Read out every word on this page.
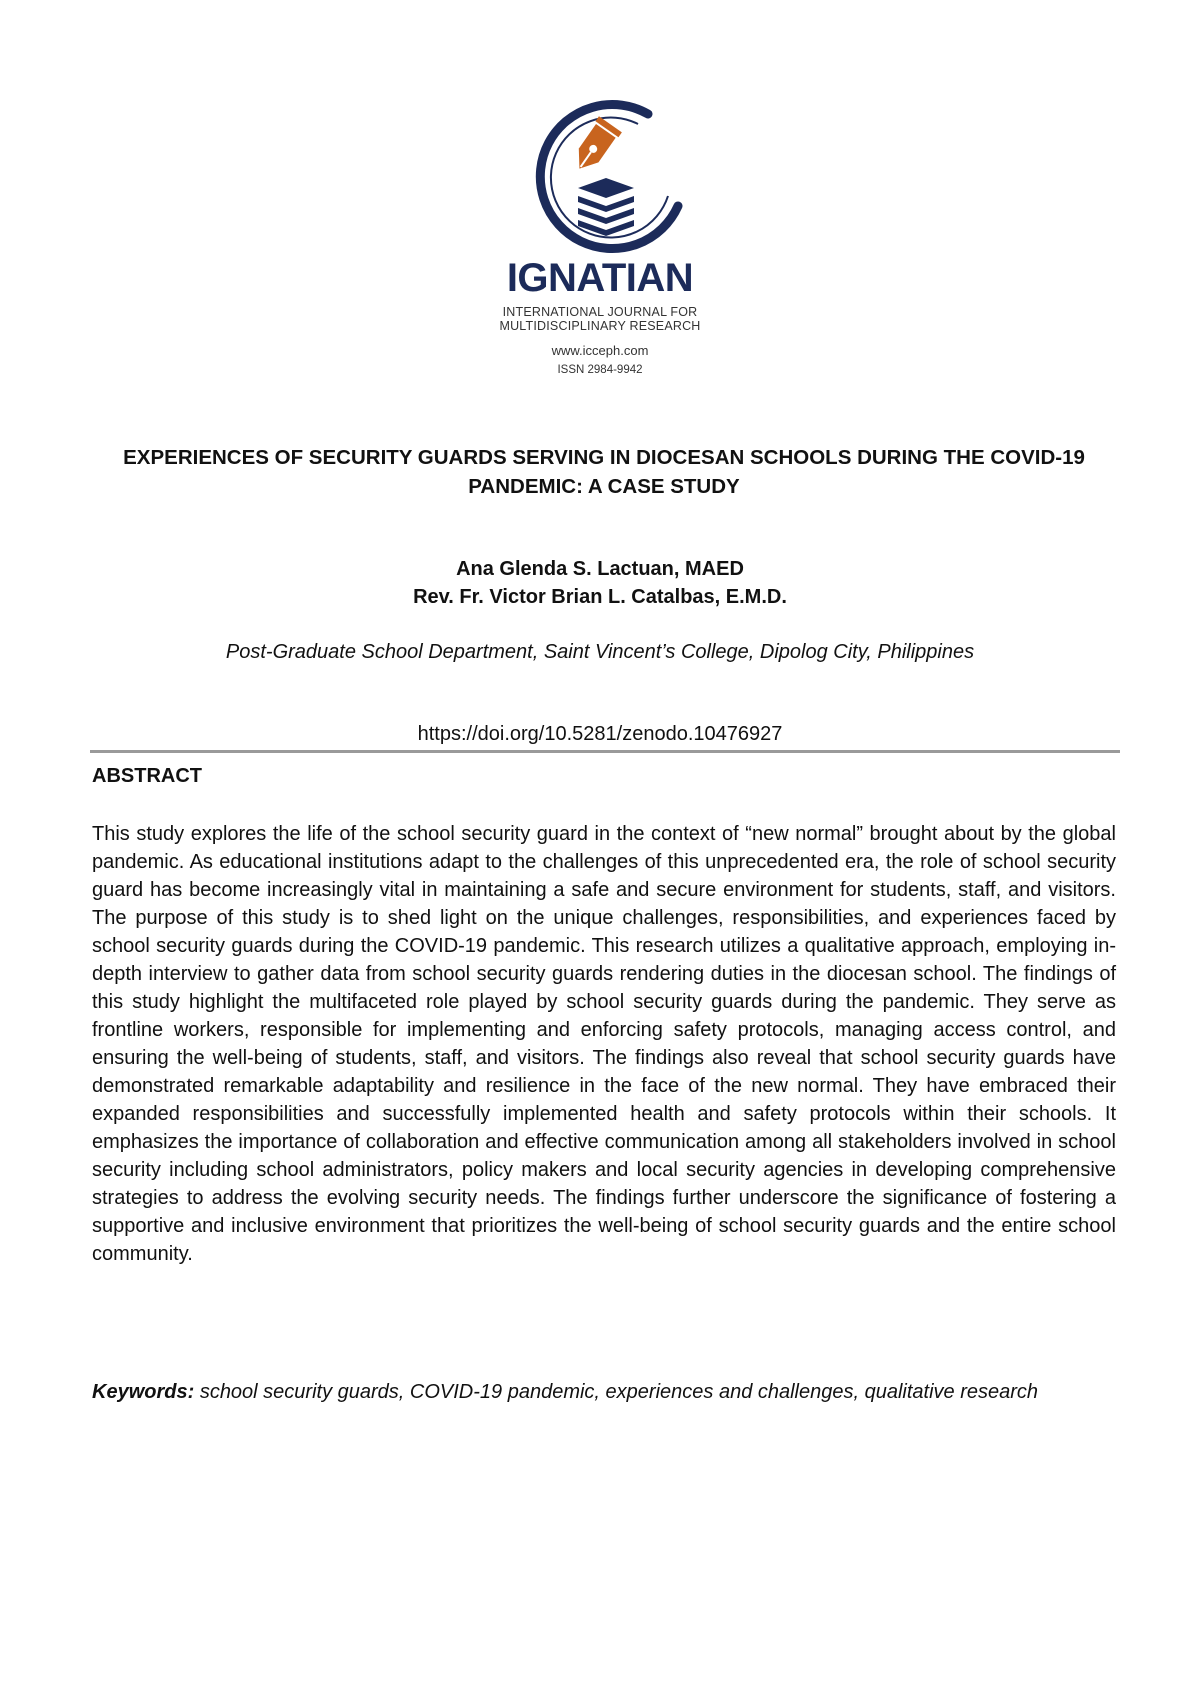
IGNATIAN
INTERNATIONAL JOURNAL FOR
MULTIDISCIPLINARY RESEARCH
www.icceph.com
ISSN 2984-9942
EXPERIENCES OF SECURITY GUARDS SERVING IN DIOCESAN SCHOOLS DURING THE COVID-19 PANDEMIC: A CASE STUDY
Ana Glenda S. Lactuan, MAED
Rev. Fr. Victor Brian L. Catalbas, E.M.D.
Post-Graduate School Department, Saint Vincent’s College, Dipolog City, Philippines
https://doi.org/10.5281/zenodo.10476927
ABSTRACT

This study explores the life of the school security guard in the context of “new normal” brought about by the global pandemic. As educational institutions adapt to the challenges of this unprecedented era, the role of school security guard has become increasingly vital in maintaining a safe and secure environment for students, staff, and visitors. The purpose of this study is to shed light on the unique challenges, responsibilities, and experiences faced by school security guards during the COVID-19 pandemic. This research utilizes a qualitative approach, employing in-depth interview to gather data from school security guards rendering duties in the diocesan school. The findings of this study highlight the multifaceted role played by school security guards during the pandemic. They serve as frontline workers, responsible for implementing and enforcing safety protocols, managing access control, and ensuring the well-being of students, staff, and visitors. The findings also reveal that school security guards have demonstrated remarkable adaptability and resilience in the face of the new normal. They have embraced their expanded responsibilities and successfully implemented health and safety protocols within their schools. It emphasizes the importance of collaboration and effective communication among all stakeholders involved in school security including school administrators, policy makers and local security agencies in developing comprehensive strategies to address the evolving security needs. The findings further underscore the significance of fostering a supportive and inclusive environment that prioritizes the well-being of school security guards and the entire school community.

Keywords: school security guards, COVID-19 pandemic, experiences and challenges, qualitative research
